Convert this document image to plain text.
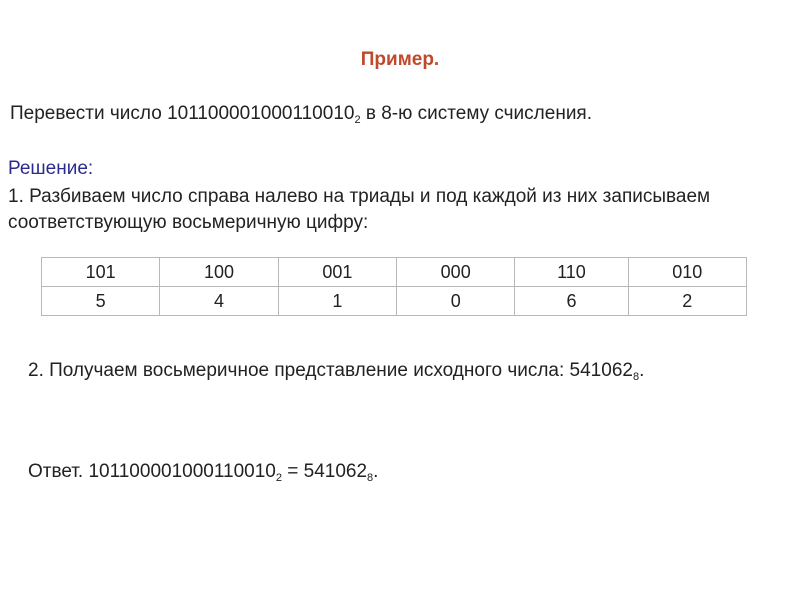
Пример.
Перевести число $101100001000110010_2$ в 8-ю систему счисления.
Решение:
1. Разбиваем число справа налево на триады и под каждой из них записываем соответствующую восьмеричную цифру:
101	100	001	000	110	010
5	4	1	0	6	2
2. Получаем восьмеричное представление исходного числа: $541062_8$.
Ответ. $101100001000110010_2 = 541062_8$.
